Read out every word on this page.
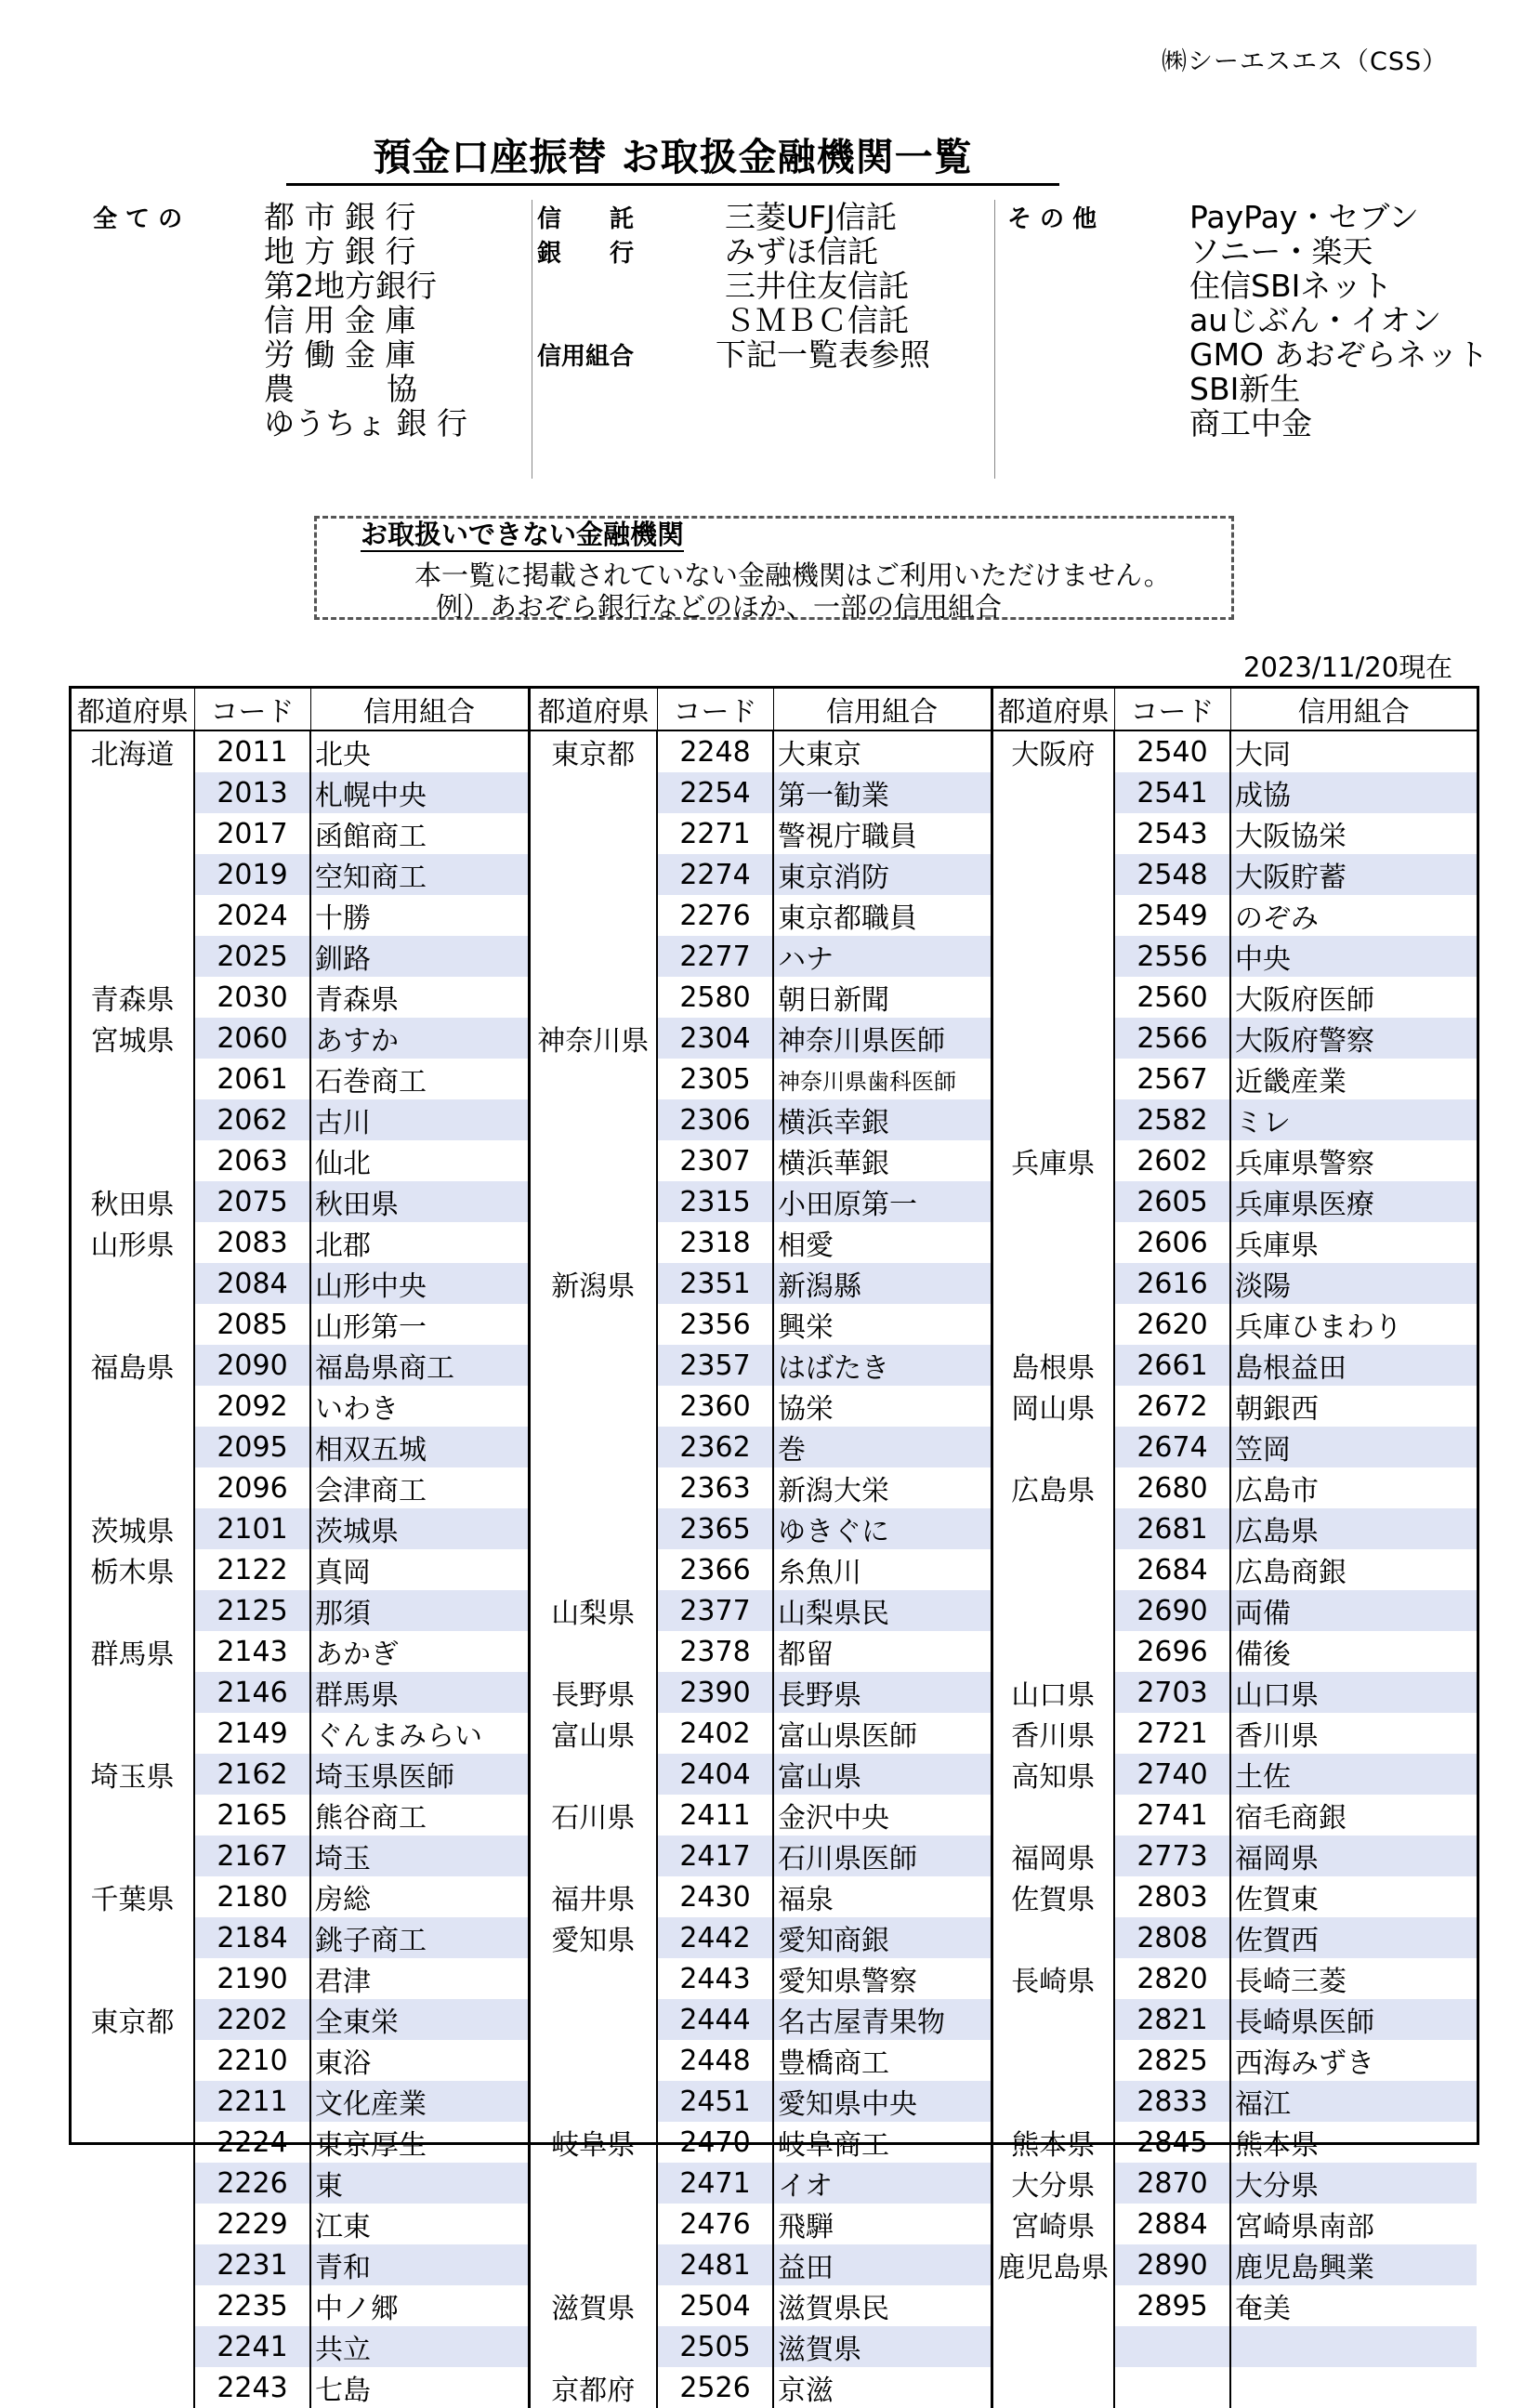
㈱シーエスエス（CSS）
預金口座振替 お取扱金融機関一覧
全 て の	都 市 銀 行
地 方 銀 行
第2地方銀行
信 用 金 庫
労 働 金 庫
農　　　協
ゆうちょ 銀 行
信　　託
銀　　行
三菱UFJ信託
みずほ信託
三井住友信託
ＳＭＢＣ信託
信用組合	下記一覧表参照
そ の 他	PayPay・セブン
ソニー・楽天
住信SBIネット
auじぶん・イオン
GMO あおぞらネット
SBI新生
商工中金
お取扱いできない金融機関
本一覧に掲載されていない金融機関はご利用いただけません。
例）あおぞら銀行などのほか、一部の信用組合
2023/11/20現在
都道府県	コード	信用組合	都道府県	コード	信用組合	都道府県	コード	信用組合
北海道	2011	北央	東京都	2248	大東京	大阪府	2540	大同
	2013	札幌中央		2254	第一勧業		2541	成協
	2017	函館商工		2271	警視庁職員		2543	大阪協栄
	2019	空知商工		2274	東京消防		2548	大阪貯蓄
	2024	十勝		2276	東京都職員		2549	のぞみ
	2025	釧路		2277	ハナ		2556	中央
青森県	2030	青森県		2580	朝日新聞		2560	大阪府医師
宮城県	2060	あすか	神奈川県	2304	神奈川県医師		2566	大阪府警察
	2061	石巻商工		2305	神奈川県歯科医師		2567	近畿産業
	2062	古川		2306	横浜幸銀		2582	ミレ
	2063	仙北		2307	横浜華銀	兵庫県	2602	兵庫県警察
秋田県	2075	秋田県		2315	小田原第一		2605	兵庫県医療
山形県	2083	北郡		2318	相愛		2606	兵庫県
	2084	山形中央	新潟県	2351	新潟縣		2616	淡陽
	2085	山形第一		2356	興栄		2620	兵庫ひまわり
福島県	2090	福島県商工		2357	はばたき	島根県	2661	島根益田
	2092	いわき		2360	協栄	岡山県	2672	朝銀西
	2095	相双五城		2362	巻		2674	笠岡
	2096	会津商工		2363	新潟大栄	広島県	2680	広島市
茨城県	2101	茨城県		2365	ゆきぐに		2681	広島県
栃木県	2122	真岡		2366	糸魚川		2684	広島商銀
	2125	那須	山梨県	2377	山梨県民		2690	両備
群馬県	2143	あかぎ		2378	都留		2696	備後
	2146	群馬県	長野県	2390	長野県	山口県	2703	山口県
	2149	ぐんまみらい	富山県	2402	富山県医師	香川県	2721	香川県
埼玉県	2162	埼玉県医師		2404	富山県	高知県	2740	土佐
	2165	熊谷商工	石川県	2411	金沢中央		2741	宿毛商銀
	2167	埼玉		2417	石川県医師	福岡県	2773	福岡県
千葉県	2180	房総	福井県	2430	福泉	佐賀県	2803	佐賀東
	2184	銚子商工	愛知県	2442	愛知商銀		2808	佐賀西
	2190	君津		2443	愛知県警察	長崎県	2820	長崎三菱
東京都	2202	全東栄		2444	名古屋青果物		2821	長崎県医師
	2210	東浴		2448	豊橋商工		2825	西海みずき
	2211	文化産業		2451	愛知県中央		2833	福江
	2224	東京厚生	岐阜県	2470	岐阜商工	熊本県	2845	熊本県
	2226	東		2471	イオ	大分県	2870	大分県
	2229	江東		2476	飛騨	宮崎県	2884	宮崎県南部
	2231	青和		2481	益田	鹿児島県	2890	鹿児島興業
	2235	中ノ郷	滋賀県	2504	滋賀県民		2895	奄美
	2241	共立		2505	滋賀県			
	2243	七島	京都府	2526	京滋			
